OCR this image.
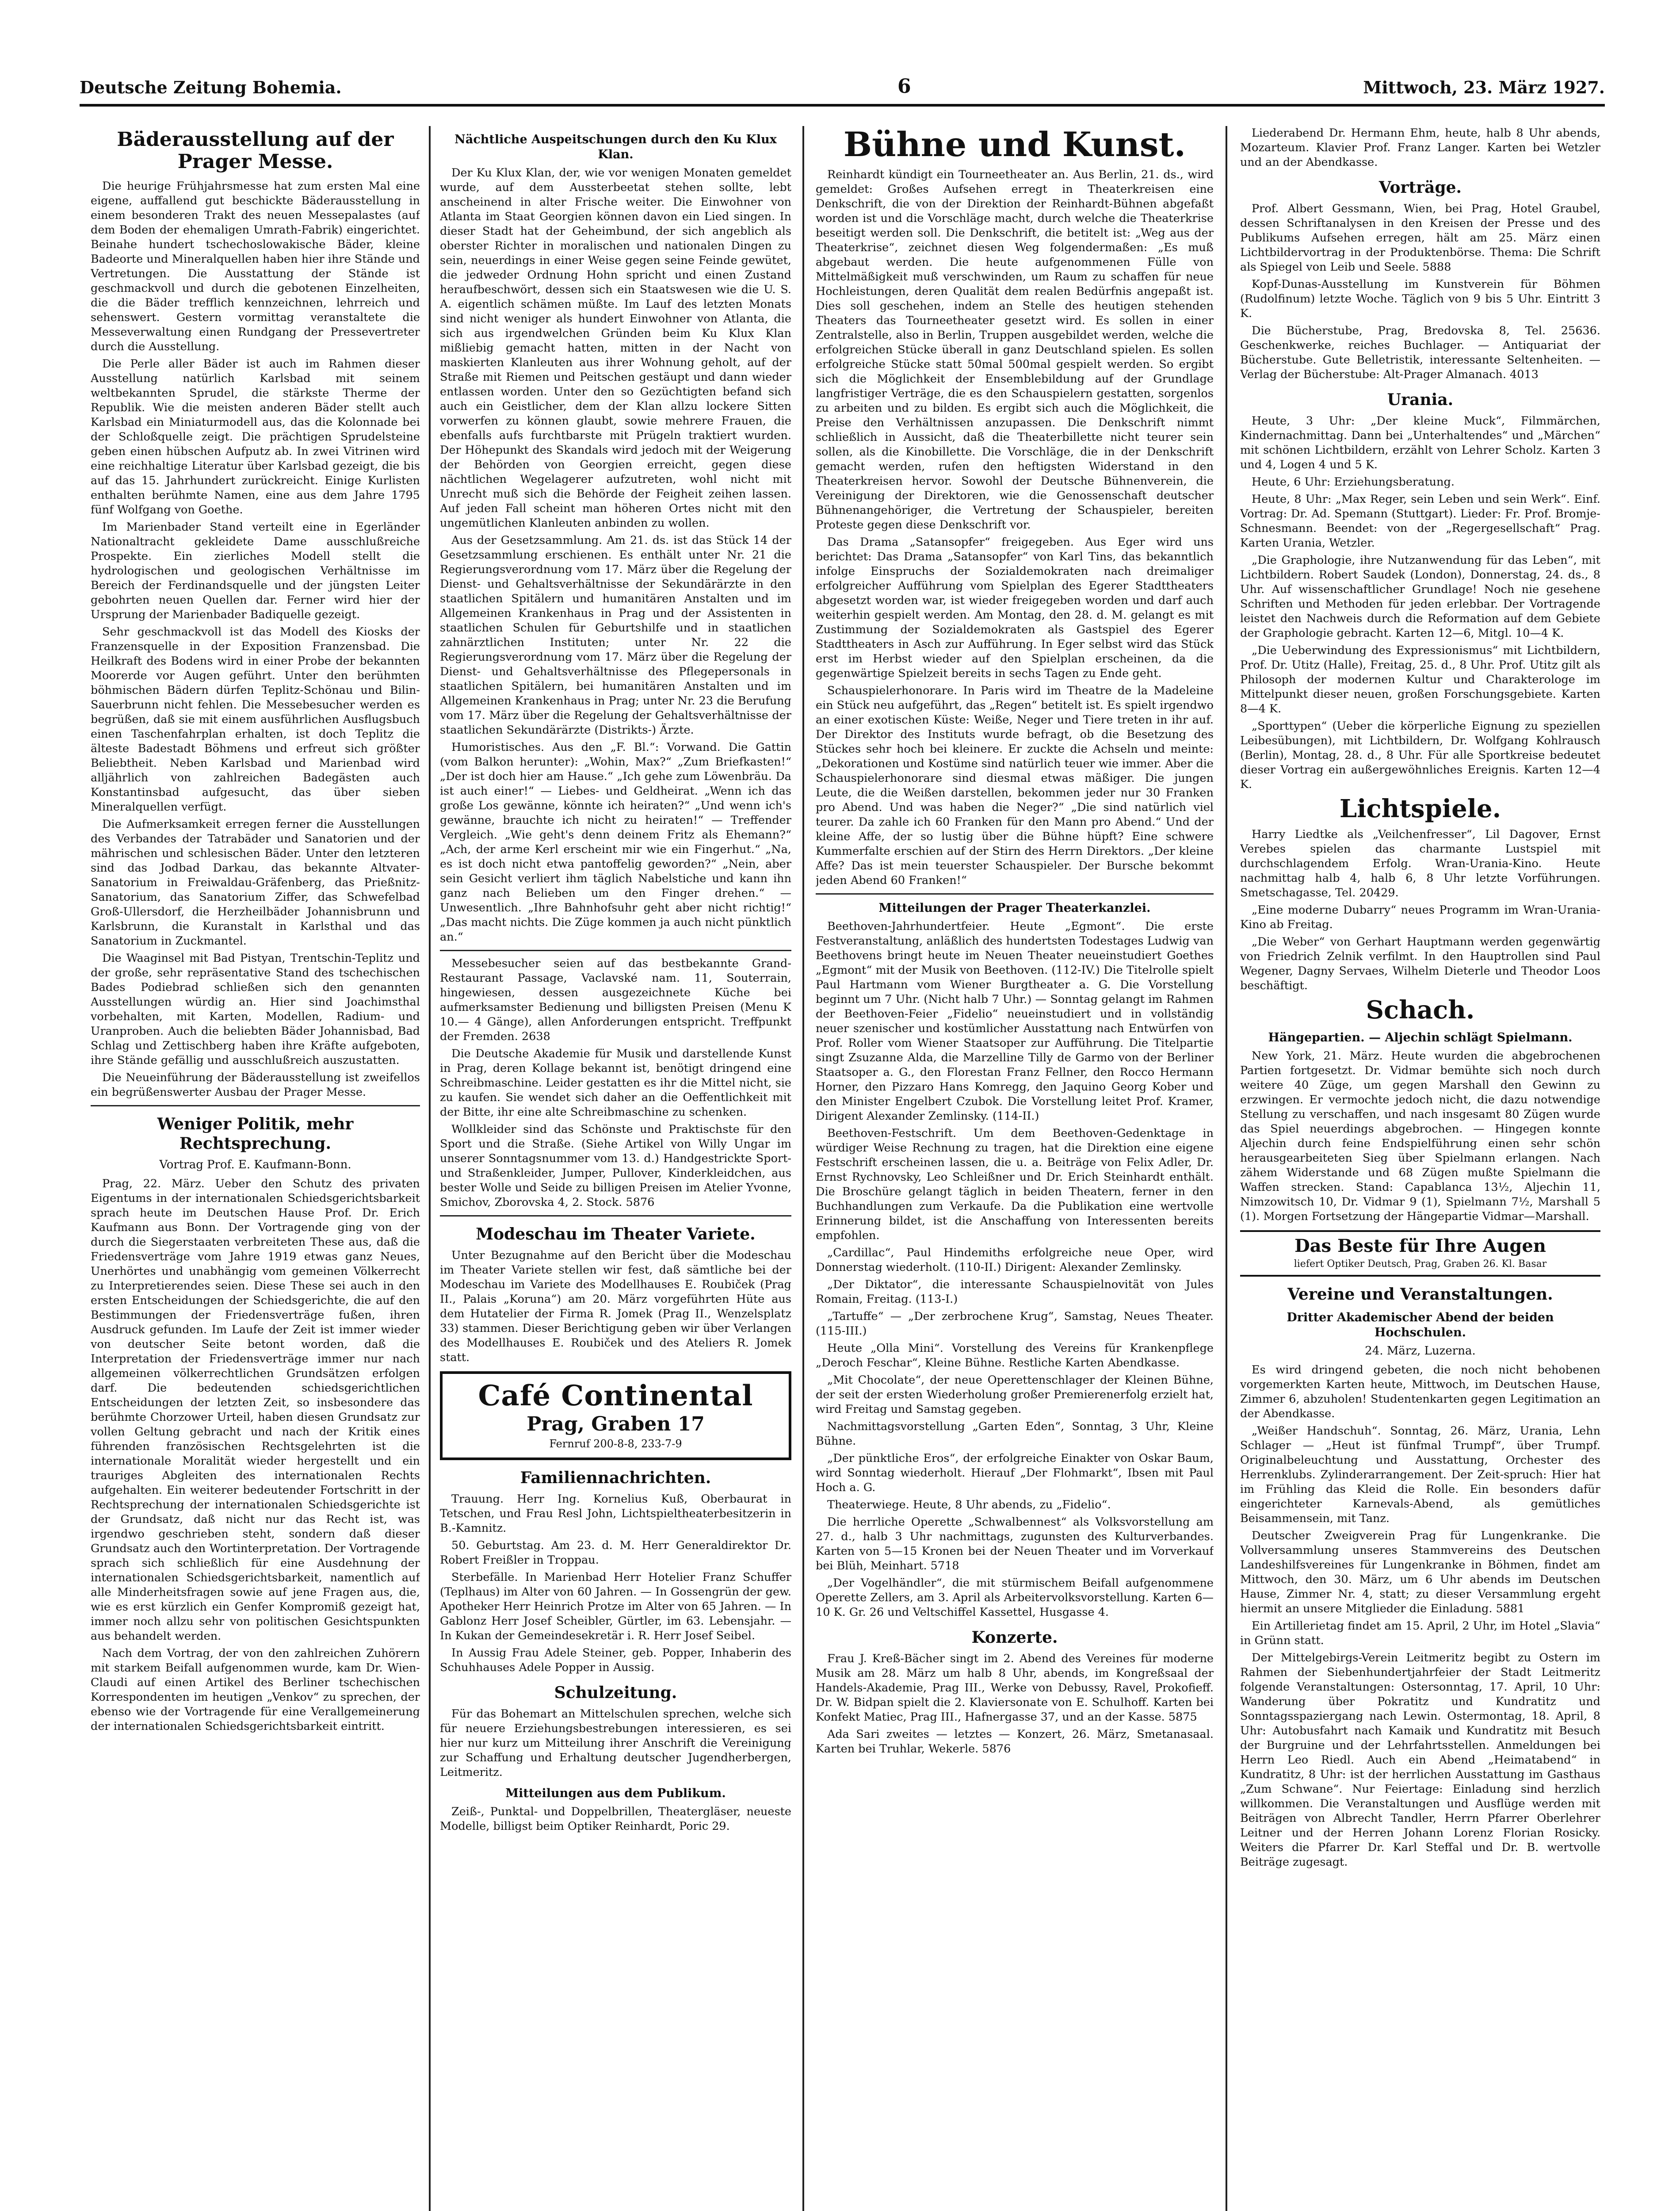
Deutsche Zeitung Bohemia.	6	Mittwoch, 23. März 1927.
Bäderausstellung auf der Prager Messe.

Die heurige Frühjahrsmesse hat zum ersten Mal eine eigene, auffallend gut beschickte Bäderausstellung in einem besonderen Trakt des neuen Messepalastes (auf dem Boden der ehemaligen Umrath-Fabrik) eingerichtet. Beinahe hundert tschechoslowakische Bäder, kleine Badeorte und Mineralquellen haben hier ihre Stände und Vertretungen. Die Ausstattung der Stände ist geschmackvoll und durch die gebotenen Einzelheiten, die die Bäder trefflich kennzeichnen, lehrreich und sehenswert. Gestern vormittag veranstaltete die Messeverwaltung einen Rundgang der Pressevertreter durch die Ausstellung.

Die Perle aller Bäder ist auch im Rahmen dieser Ausstellung natürlich Karlsbad mit seinem weltbekannten Sprudel, die stärkste Therme der Republik. Wie die meisten anderen Bäder stellt auch Karlsbad ein Miniaturmodell aus, das die Kolonnade bei der Schloßquelle zeigt. Die prächtigen Sprudelsteine geben einen hübschen Aufputz ab. In zwei Vitrinen wird eine reichhaltige Literatur über Karlsbad gezeigt, die bis auf das 15. Jahrhundert zurückreicht. Einige Kurlisten enthalten berühmte Namen, eine aus dem Jahre 1795 fünf Wolfgang von Goethe.

Im Marienbader Stand verteilt eine in Egerländer Nationaltracht gekleidete Dame ausschlußreiche Prospekte. Ein zierliches Modell stellt die hydrologischen und geologischen Verhältnisse im Bereich der Ferdinandsquelle und der jüngsten Leiter gebohrten neuen Quellen dar. Ferner wird hier der Ursprung der Marienbader Badiquelle gezeigt.

Sehr geschmackvoll ist das Modell des Kiosks der Franzensquelle in der Exposition Franzensbad. Die Heilkraft des Bodens wird in einer Probe der bekannten Moorerde vor Augen geführt. Unter den berühmten böhmischen Bädern dürfen Teplitz-Schönau und Bilin-Sauerbrunn nicht fehlen. Die Messebesucher werden es begrüßen, daß sie mit einem ausführlichen Ausflugsbuch einen Taschenfahrplan erhalten, ist doch Teplitz die älteste Badestadt Böhmens und erfreut sich größter Beliebtheit. Neben Karlsbad und Marienbad wird alljährlich von zahlreichen Badegästen auch Konstantinsbad aufgesucht, das über sieben Mineralquellen verfügt.

Die Aufmerksamkeit erregen ferner die Ausstellungen des Verbandes der Tatrabäder und Sanatorien und der mährischen und schlesischen Bäder. Unter den letzteren sind das Jodbad Darkau, das bekannte Altvater-Sanatorium in Freiwaldau-Gräfenberg, das Prießnitz-Sanatorium, das Sanatorium Ziffer, das Schwefelbad Groß-Ullersdorf, die Herzheilbäder Johannisbrunn und Karlsbrunn, die Kuranstalt in Karlsthal und das Sanatorium in Zuckmantel.

Die Waaginsel mit Bad Pistyan, Trentschin-Teplitz und der große, sehr repräsentative Stand des tschechischen Bades Podiebrad schließen sich den genannten Ausstellungen würdig an. Hier sind Joachimsthal vorbehalten, mit Karten, Modellen, Radium- und Uranproben. Auch die beliebten Bäder Johannisbad, Bad Schlag und Zettischberg haben ihre Kräfte aufgeboten, ihre Stände gefällig und ausschlußreich auszustatten.

Die Neueinführung der Bäderausstellung ist zweifellos ein begrüßenswerter Ausbau der Prager Messe.

Weniger Politik, mehr Rechtsprechung.
Vortrag Prof. E. Kaufmann-Bonn.

Prag, 22. März. Ueber den Schutz des privaten Eigentums in der internationalen Schiedsgerichtsbarkeit sprach heute im Deutschen Hause Prof. Dr. Erich Kaufmann aus Bonn. Der Vortragende ging von der durch die Siegerstaaten verbreiteten These aus, daß die Friedensverträge vom Jahre 1919 etwas ganz Neues, Unerhörtes und unabhängig vom gemeinen Völkerrecht zu Interpretierendes seien. Diese These sei auch in den ersten Entscheidungen der Schiedsgerichte, die auf den Bestimmungen der Friedensverträge fußen, ihren Ausdruck gefunden. Im Laufe der Zeit ist immer wieder von deutscher Seite betont worden, daß die Interpretation der Friedensverträge immer nur nach allgemeinen völkerrechtlichen Grundsätzen erfolgen darf. Die bedeutenden schiedsgerichtlichen Entscheidungen der letzten Zeit, so insbesondere das berühmte Chorzower Urteil, haben diesen Grundsatz zur vollen Geltung gebracht und nach der Kritik eines führenden französischen Rechtsgelehrten ist die internationale Moralität wieder hergestellt und ein trauriges Abgleiten des internationalen Rechts aufgehalten. Ein weiterer bedeutender Fortschritt in der Rechtsprechung der internationalen Schiedsgerichte ist der Grundsatz, daß nicht nur das Recht ist, was irgendwo geschrieben steht, sondern daß dieser Grundsatz auch den Wortinterpretation. Der Vortragende sprach sich schließlich für eine Ausdehnung der internationalen Schiedsgerichtsbarkeit, namentlich auf alle Minderheitsfragen sowie auf jene Fragen aus, die, wie es erst kürzlich ein Genfer Kompromiß gezeigt hat, immer noch allzu sehr von politischen Gesichtspunkten aus behandelt werden.

Nach dem Vortrag, der von den zahlreichen Zuhörern mit starkem Beifall aufgenommen wurde, kam Dr. Wien-Claudi auf einen Artikel des Berliner tschechischen Korrespondenten im heutigen „Venkov“ zu sprechen, der ebenso wie der Vortragende für eine Verallgemeinerung der internationalen Schiedsgerichtsbarkeit eintritt.

Nächtliche Auspeitschungen durch den Ku Klux Klan.

Der Ku Klux Klan, der, wie vor wenigen Monaten gemeldet wurde, auf dem Aussterbeetat stehen sollte, lebt anscheinend in alter Frische weiter. Die Einwohner von Atlanta im Staat Georgien können davon ein Lied singen. In dieser Stadt hat der Geheimbund, der sich angeblich als oberster Richter in moralischen und nationalen Dingen zu sein, neuerdings in einer Weise gegen seine Feinde gewütet, die jedweder Ordnung Hohn spricht und einen Zustand heraufbeschwört, dessen sich ein Staatswesen wie die U. S. A. eigentlich schämen müßte. Im Lauf des letzten Monats sind nicht weniger als hundert Einwohner von Atlanta, die sich aus irgendwelchen Gründen beim Ku Klux Klan mißliebig gemacht hatten, mitten in der Nacht von maskierten Klanleuten aus ihrer Wohnung geholt, auf der Straße mit Riemen und Peitschen gestäupt und dann wieder entlassen worden. Unter den so Gezüchtigten befand sich auch ein Geistlicher, dem der Klan allzu lockere Sitten vorwerfen zu können glaubt, sowie mehrere Frauen, die ebenfalls aufs furchtbarste mit Prügeln traktiert wurden. Der Höhepunkt des Skandals wird jedoch mit der Weigerung der Behörden von Georgien erreicht, gegen diese nächtlichen Wegelagerer aufzutreten, wohl nicht mit Unrecht muß sich die Behörde der Feigheit zeihen lassen. Auf jeden Fall scheint man höheren Ortes nicht mit den ungemütlichen Klanleuten anbinden zu wollen.

Aus der Gesetzsammlung. Am 21. ds. ist das Stück 14 der Gesetzsammlung erschienen. Es enthält unter Nr. 21 die Regierungsverordnung vom 17. März über die Regelung der Dienst- und Gehaltsverhältnisse der Sekundärärzte in den staatlichen Spitälern und humanitären Anstalten und im Allgemeinen Krankenhaus in Prag und der Assistenten in staatlichen Schulen für Geburtshilfe und in staatlichen zahnärztlichen Instituten; unter Nr. 22 die Regierungsverordnung vom 17. März über die Regelung der Dienst- und Gehaltsverhältnisse des Pflegepersonals in staatlichen Spitälern, bei humanitären Anstalten und im Allgemeinen Krankenhaus in Prag; unter Nr. 23 die Berufung vom 17. März über die Regelung der Gehaltsverhältnisse der staatlichen Sekundärärzte (Distrikts-) Ärzte.

Humoristisches. Aus den „F. Bl.“: Vorwand. Die Gattin (vom Balkon herunter): „Wohin, Max?“ „Zum Briefkasten!“ „Der ist doch hier am Hause.“ „Ich gehe zum Löwenbräu. Da ist auch einer!“ — Liebes- und Geldheirat. „Wenn ich das große Los gewänne, könnte ich heiraten?“ „Und wenn ich's gewänne, brauchte ich nicht zu heiraten!“ — Treffender Vergleich. „Wie geht's denn deinem Fritz als Ehemann?“ „Ach, der arme Kerl erscheint mir wie ein Fingerhut.“ „Na, es ist doch nicht etwa pantoffelig geworden?“ „Nein, aber sein Gesicht verliert ihm täglich Nabelstiche und kann ihn ganz nach Belieben um den Finger drehen.“ — Unwesentlich. „Ihre Bahnhofsuhr geht aber nicht richtig!“ „Das macht nichts. Die Züge kommen ja auch nicht pünktlich an.“

Messebesucher seien auf das bestbekannte Grand-Restaurant Passage, Vaclavské nam. 11, Souterrain, hingewiesen, dessen ausgezeichnete Küche bei aufmerksamster Bedienung und billigsten Preisen (Menu K 10.— 4 Gänge), allen Anforderungen entspricht. Treffpunkt der Fremden. 2638

Die Deutsche Akademie für Musik und darstellende Kunst in Prag, deren Kollage bekannt ist, benötigt dringend eine Schreibmaschine. Leider gestatten es ihr die Mittel nicht, sie zu kaufen. Sie wendet sich daher an die Oeffentlichkeit mit der Bitte, ihr eine alte Schreibmaschine zu schenken.

Wollkleider sind das Schönste und Praktischste für den Sport und die Straße. (Siehe Artikel von Willy Ungar im unserer Sonntagsnummer vom 13. d.) Handgestrickte Sport- und Straßenkleider, Jumper, Pullover, Kinderkleidchen, aus bester Wolle und Seide zu billigen Preisen im Atelier Yvonne, Smichov, Zborovska 4, 2. Stock. 5876

Modeschau im Theater Variete.

Unter Bezugnahme auf den Bericht über die Modeschau im Theater Variete stellen wir fest, daß sämtliche bei der Modeschau im Variete des Modellhauses E. Roubiček (Prag II., Palais „Koruna“) am 20. März vorgeführten Hüte aus dem Hutatelier der Firma R. Jomek (Prag II., Wenzelsplatz 33) stammen. Dieser Berichtigung geben wir über Verlangen des Modellhauses E. Roubiček und des Ateliers R. Jomek statt.

Café Continental
Prag, Graben 17
Fernruf 200-8-8, 233-7-9
Familiennachrichten.

Trauung. Herr Ing. Kornelius Kuß, Oberbaurat in Tetschen, und Frau Resl John, Lichtspieltheaterbesitzerin in B.-Kamnitz.

50. Geburtstag. Am 23. d. M. Herr Generaldirektor Dr. Robert Freißler in Troppau.

Sterbefälle. In Marienbad Herr Hotelier Franz Schuffer (Teplhaus) im Alter von 60 Jahren. — In Gossengrün der gew. Apotheker Herr Heinrich Protze im Alter von 65 Jahren. — In Gablonz Herr Josef Scheibler, Gürtler, im 63. Lebensjahr. — In Kukan der Gemeindesekretär i. R. Herr Josef Seibel.

In Aussig Frau Adele Steiner, geb. Popper, Inhaberin des Schuhhauses Adele Popper in Aussig.

Schulzeitung.

Für das Bohemart an Mittelschulen sprechen, welche sich für neuere Erziehungsbestrebungen interessieren, es sei hier nur kurz um Mitteilung ihrer Anschrift die Vereinigung zur Schaffung und Erhaltung deutscher Jugendherbergen, Leitmeritz.

Mitteilungen aus dem Publikum.

Zeiß-, Punktal- und Doppelbrillen, Theatergläser, neueste Modelle, billigst beim Optiker Reinhardt, Poric 29.

Bühne und Kunst.

Reinhardt kündigt ein Tourneetheater an. Aus Berlin, 21. ds., wird gemeldet: Großes Aufsehen erregt in Theaterkreisen eine Denkschrift, die von der Direktion der Reinhardt-Bühnen abgefaßt worden ist und die Vorschläge macht, durch welche die Theaterkrise beseitigt werden soll. Die Denkschrift, die betitelt ist: „Weg aus der Theaterkrise“, zeichnet diesen Weg folgendermaßen: „Es muß abgebaut werden. Die heute aufgenommenen Fülle von Mittelmäßigkeit muß verschwinden, um Raum zu schaffen für neue Hochleistungen, deren Qualität dem realen Bedürfnis angepaßt ist. Dies soll geschehen, indem an Stelle des heutigen stehenden Theaters das Tourneetheater gesetzt wird. Es sollen in einer Zentralstelle, also in Berlin, Truppen ausgebildet werden, welche die erfolgreichen Stücke überall in ganz Deutschland spielen. Es sollen erfolgreiche Stücke statt 50mal 500mal gespielt werden. So ergibt sich die Möglichkeit der Ensemblebildung auf der Grundlage langfristiger Verträge, die es den Schauspielern gestatten, sorgenlos zu arbeiten und zu bilden. Es ergibt sich auch die Möglichkeit, die Preise den Verhältnissen anzupassen. Die Denkschrift nimmt schließlich in Aussicht, daß die Theaterbillette nicht teurer sein sollen, als die Kinobillette. Die Vorschläge, die in der Denkschrift gemacht werden, rufen den heftigsten Widerstand in den Theaterkreisen hervor. Sowohl der Deutsche Bühnenverein, die Vereinigung der Direktoren, wie die Genossenschaft deutscher Bühnenangehöriger, die Vertretung der Schauspieler, bereiten Proteste gegen diese Denkschrift vor.

Das Drama „Satansopfer“ freigegeben. Aus Eger wird uns berichtet: Das Drama „Satansopfer“ von Karl Tins, das bekanntlich infolge Einspruchs der Sozialdemokraten nach dreimaliger erfolgreicher Aufführung vom Spielplan des Egerer Stadttheaters abgesetzt worden war, ist wieder freigegeben worden und darf auch weiterhin gespielt werden. Am Montag, den 28. d. M. gelangt es mit Zustimmung der Sozialdemokraten als Gastspiel des Egerer Stadttheaters in Asch zur Aufführung. In Eger selbst wird das Stück erst im Herbst wieder auf den Spielplan erscheinen, da die gegenwärtige Spielzeit bereits in sechs Tagen zu Ende geht.

Schauspielerhonorare. In Paris wird im Theatre de la Madeleine ein Stück neu aufgeführt, das „Regen“ betitelt ist. Es spielt irgendwo an einer exotischen Küste: Weiße, Neger und Tiere treten in ihr auf. Der Direktor des Instituts wurde befragt, ob die Besetzung des Stückes sehr hoch bei kleinere. Er zuckte die Achseln und meinte: „Dekorationen und Kostüme sind natürlich teuer wie immer. Aber die Schauspielerhonorare sind diesmal etwas mäßiger. Die jungen Leute, die die Weißen darstellen, bekommen jeder nur 30 Franken pro Abend. Und was haben die Neger?“ „Die sind natürlich viel teurer. Da zahle ich 60 Franken für den Mann pro Abend.“ Und der kleine Affe, der so lustig über die Bühne hüpft? Eine schwere Kummerfalte erschien auf der Stirn des Herrn Direktors. „Der kleine Affe? Das ist mein teuerster Schauspieler. Der Bursche bekommt jeden Abend 60 Franken!“

Mitteilungen der Prager Theaterkanzlei.

Beethoven-Jahrhundertfeier. Heute „Egmont“. Die erste Festveranstaltung, anläßlich des hundertsten Todestages Ludwig van Beethovens bringt heute im Neuen Theater neueinstudiert Goethes „Egmont“ mit der Musik von Beethoven. (112-IV.) Die Titelrolle spielt Paul Hartmann vom Wiener Burgtheater a. G. Die Vorstellung beginnt um 7 Uhr. (Nicht halb 7 Uhr.) — Sonntag gelangt im Rahmen der Beethoven-Feier „Fidelio“ neueinstudiert und in vollständig neuer szenischer und kostümlicher Ausstattung nach Entwürfen von Prof. Roller vom Wiener Staatsoper zur Aufführung. Die Titelpartie singt Zsuzanne Alda, die Marzelline Tilly de Garmo von der Berliner Staatsoper a. G., den Florestan Franz Fellner, den Rocco Hermann Horner, den Pizzaro Hans Komregg, den Jaquino Georg Kober und den Minister Engelbert Czubok. Die Vorstellung leitet Prof. Kramer, Dirigent Alexander Zemlinsky. (114-II.)

Beethoven-Festschrift. Um dem Beethoven-Gedenktage in würdiger Weise Rechnung zu tragen, hat die Direktion eine eigene Festschrift erscheinen lassen, die u. a. Beiträge von Felix Adler, Dr. Ernst Rychnovsky, Leo Schleißner und Dr. Erich Steinhardt enthält. Die Broschüre gelangt täglich in beiden Theatern, ferner in den Buchhandlungen zum Verkaufe. Da die Publikation eine wertvolle Erinnerung bildet, ist die Anschaffung von Interessenten bereits empfohlen.

„Cardillac“, Paul Hindemiths erfolgreiche neue Oper, wird Donnerstag wiederholt. (110-II.) Dirigent: Alexander Zemlinsky.

„Der Diktator“, die interessante Schauspielnovität von Jules Romain, Freitag. (113-I.)

„Tartuffe“ — „Der zerbrochene Krug“, Samstag, Neues Theater. (115-III.)

Heute „Olla Mini“. Vorstellung des Vereins für Krankenpflege „Deroch Feschar“, Kleine Bühne. Restliche Karten Abendkasse.

„Mit Chocolate“, der neue Operettenschlager der Kleinen Bühne, der seit der ersten Wiederholung großer Premierenerfolg erzielt hat, wird Freitag und Samstag gegeben.

Nachmittagsvorstellung „Garten Eden“, Sonntag, 3 Uhr, Kleine Bühne.

„Der pünktliche Eros“, der erfolgreiche Einakter von Oskar Baum, wird Sonntag wiederholt. Hierauf „Der Flohmarkt“, Ibsen mit Paul Hoch a. G.

Theaterwiege. Heute, 8 Uhr abends, zu „Fidelio“.

Die herrliche Operette „Schwalbennest“ als Volksvorstellung am 27. d., halb 3 Uhr nachmittags, zugunsten des Kulturverbandes. Karten von 5—15 Kronen bei der Neuen Theater und im Vorverkauf bei Blüh, Meinhart. 5718

„Der Vogelhändler“, die mit stürmischem Beifall aufgenommene Operette Zellers, am 3. April als Arbeitervolksvorstellung. Karten 6—10 K. Gr. 26 und Veltschiffel Kassettel, Husgasse 4.

Konzerte.

Frau J. Kreß-Bächer singt im 2. Abend des Vereines für moderne Musik am 28. März um halb 8 Uhr, abends, im Kongreßsaal der Handels-Akademie, Prag III., Werke von Debussy, Ravel, Prokofieff. Dr. W. Bidpan spielt die 2. Klaviersonate von E. Schulhoff. Karten bei Konfekt Matiec, Prag III., Hafnergasse 37, und an der Kasse. 5875

Ada Sari zweites — letztes — Konzert, 26. März, Smetanasaal. Karten bei Truhlar, Wekerle. 5876

Liederabend Dr. Hermann Ehm, heute, halb 8 Uhr abends, Mozarteum. Klavier Prof. Franz Langer. Karten bei Wetzler und an der Abendkasse.

Vorträge.

Prof. Albert Gessmann, Wien, bei Prag, Hotel Graubel, dessen Schriftanalysen in den Kreisen der Presse und des Publikums Aufsehen erregen, hält am 25. März einen Lichtbildervortrag in der Produktenbörse. Thema: Die Schrift als Spiegel von Leib und Seele. 5888

Kopf-Dunas-Ausstellung im Kunstverein für Böhmen (Rudolfinum) letzte Woche. Täglich von 9 bis 5 Uhr. Eintritt 3 K.

Die Bücherstube, Prag, Bredovska 8, Tel. 25636. Geschenkwerke, reiches Buchlager. — Antiquariat der Bücherstube. Gute Belletristik, interessante Seltenheiten. — Verlag der Bücherstube: Alt-Prager Almanach. 4013

Urania.

Heute, 3 Uhr: „Der kleine Muck“, Filmmärchen, Kindernachmittag. Dann bei „Unterhaltendes“ und „Märchen“ mit schönen Lichtbildern, erzählt von Lehrer Scholz. Karten 3 und 4, Logen 4 und 5 K.

Heute, 6 Uhr: Erziehungsberatung.

Heute, 8 Uhr: „Max Reger, sein Leben und sein Werk“. Einf. Vortrag: Dr. Ad. Spemann (Stuttgart). Lieder: Fr. Prof. Bromje-Schnesmann. Beendet: von der „Regergesellschaft“ Prag. Karten Urania, Wetzler.

„Die Graphologie, ihre Nutzanwendung für das Leben“, mit Lichtbildern. Robert Saudek (London), Donnerstag, 24. ds., 8 Uhr. Auf wissenschaftlicher Grundlage! Noch nie gesehene Schriften und Methoden für jeden erlebbar. Der Vortragende leistet den Nachweis durch die Reformation auf dem Gebiete der Graphologie gebracht. Karten 12—6, Mitgl. 10—4 K.

„Die Ueberwindung des Expressionismus“ mit Lichtbildern, Prof. Dr. Utitz (Halle), Freitag, 25. d., 8 Uhr. Prof. Utitz gilt als Philosoph der modernen Kultur und Charakterologe im Mittelpunkt dieser neuen, großen Forschungsgebiete. Karten 8—4 K.

„Sporttypen“ (Ueber die körperliche Eignung zu speziellen Leibesübungen), mit Lichtbildern, Dr. Wolfgang Kohlrausch (Berlin), Montag, 28. d., 8 Uhr. Für alle Sportkreise bedeutet dieser Vortrag ein außergewöhnliches Ereignis. Karten 12—4 K.

Lichtspiele.

Harry Liedtke als „Veilchenfresser“, Lil Dagover, Ernst Verebes spielen das charmante Lustspiel mit durchschlagendem Erfolg. Wran-Urania-Kino. Heute nachmittag halb 4, halb 6, 8 Uhr letzte Vorführungen. Smetschagasse, Tel. 20429.

„Eine moderne Dubarry“ neues Programm im Wran-Urania-Kino ab Freitag.

„Die Weber“ von Gerhart Hauptmann werden gegenwärtig von Friedrich Zelnik verfilmt. In den Hauptrollen sind Paul Wegener, Dagny Servaes, Wilhelm Dieterle und Theodor Loos beschäftigt.

Schach.
Hängepartien. — Aljechin schlägt Spielmann.

New York, 21. März. Heute wurden die abgebrochenen Partien fortgesetzt. Dr. Vidmar bemühte sich noch durch weitere 40 Züge, um gegen Marshall den Gewinn zu erzwingen. Er vermochte jedoch nicht, die dazu notwendige Stellung zu verschaffen, und nach insgesamt 80 Zügen wurde das Spiel neuerdings abgebrochen. — Hingegen konnte Aljechin durch feine Endspielführung einen sehr schön herausgearbeiteten Sieg über Spielmann erlangen. Nach zähem Widerstande und 68 Zügen mußte Spielmann die Waffen strecken. Stand: Capablanca 13½, Aljechin 11, Nimzowitsch 10, Dr. Vidmar 9 (1), Spielmann 7½, Marshall 5 (1). Morgen Fortsetzung der Hängepartie Vidmar—Marshall.

Das Beste für Ihre Augen
liefert Optiker Deutsch, Prag, Graben 26. Kl. Basar
Vereine und Veranstaltungen.
Dritter Akademischer Abend der beiden Hochschulen.
24. März, Luzerna.

Es wird dringend gebeten, die noch nicht behobenen vorgemerkten Karten heute, Mittwoch, im Deutschen Hause, Zimmer 6, abzuholen! Studentenkarten gegen Legitimation an der Abendkasse.

„Weißer Handschuh“. Sonntag, 26. März, Urania, Lehn Schlager — „Heut ist fünfmal Trumpf“, über Trumpf. Originalbeleuchtung und Ausstattung, Orchester des Herrenklubs. Zylinderarrangement. Der Zeit-spruch: Hier hat im Frühling das Kleid die Rolle. Ein besonders dafür eingerichteter Karnevals-Abend, als gemütliches Beisammensein, mit Tanz.

Deutscher Zweigverein Prag für Lungenkranke. Die Vollversammlung unseres Stammvereins des Deutschen Landeshilfsvereines für Lungenkranke in Böhmen, findet am Mittwoch, den 30. März, um 6 Uhr abends im Deutschen Hause, Zimmer Nr. 4, statt; zu dieser Versammlung ergeht hiermit an unsere Mitglieder die Einladung. 5881

Ein Artillerietag findet am 15. April, 2 Uhr, im Hotel „Slavia“ in Grünn statt.

Der Mittelgebirgs-Verein Leitmeritz begibt zu Ostern im Rahmen der Siebenhundertjahrfeier der Stadt Leitmeritz folgende Veranstaltungen: Ostersonntag, 17. April, 10 Uhr: Wanderung über Pokratitz und Kundratitz und Sonntagsspaziergang nach Lewin. Ostermontag, 18. April, 8 Uhr: Autobusfahrt nach Kamaik und Kundratitz mit Besuch der Burgruine und der Lehrfahrtsstellen. Anmeldungen bei Herrn Leo Riedl. Auch ein Abend „Heimatabend“ in Kundratitz, 8 Uhr: ist der herrlichen Ausstattung im Gasthaus „Zum Schwane“. Nur Feiertage: Einladung sind herzlich willkommen. Die Veranstaltungen und Ausflüge werden mit Beiträgen von Albrecht Tandler, Herrn Pfarrer Oberlehrer Leitner und der Herren Johann Lorenz Florian Rosicky. Weiters die Pfarrer Dr. Karl Steffal und Dr. B. wertvolle Beiträge zugesagt.
